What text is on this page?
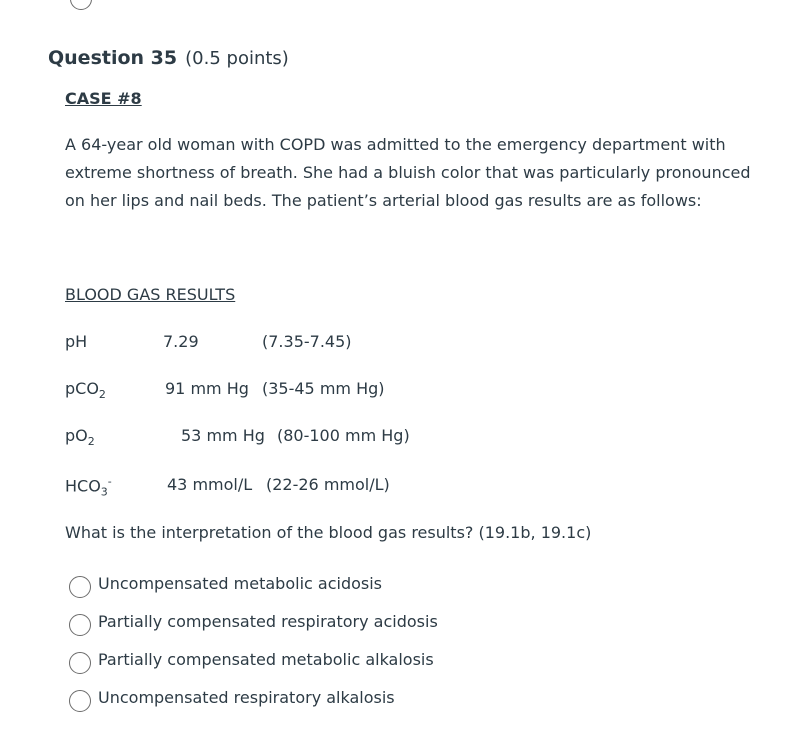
Question 35 (0.5 points)
CASE #8
A 64-year old woman with COPD was admitted to the emergency department with extreme shortness of breath. She had a bluish color that was particularly pronounced on her lips and nail beds. The patient’s arterial blood gas results are as follows:
BLOOD GAS RESULTS
pH	7.29	(7.35-7.45)
pCO$_2$	91 mm Hg (35-45 mm Hg)
$pO_2$	53 mm Hg (80-100 mm Hg)
$HCO_3^-$	43 mmol/L (22-26 mmol/L)
What is the interpretation of the blood gas results? (19.1b, 19.1c)
Uncompensated metabolic acidosis
Partially compensated respiratory acidosis
Partially compensated metabolic alkalosis
Uncompensated respiratory alkalosis
